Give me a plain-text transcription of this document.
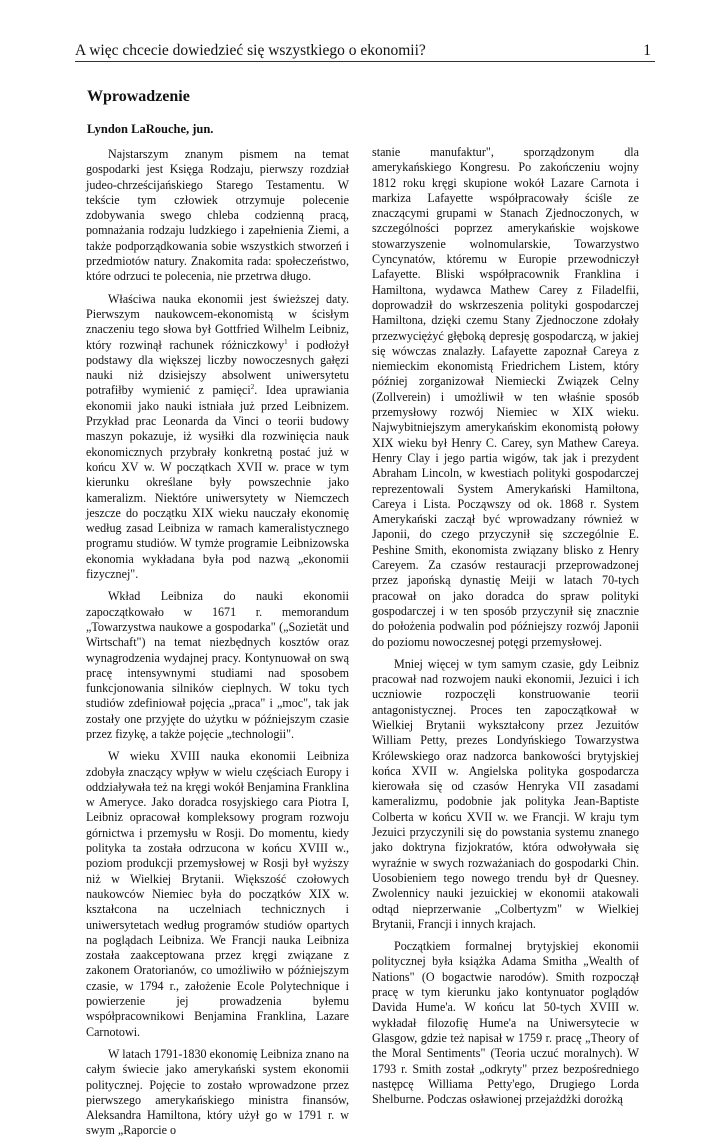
A więc chcecie dowiedzieć się wszystkiego o ekonomii?	1
Wprowadzenie

Lyndon LaRouche, jun.

Najstarszym znanym pismem na temat gospodarki jest Księga Rodzaju, pierwszy rozdział judeo-chrześcijańskiego Starego Testamentu. W tekście tym człowiek otrzymuje polecenie zdobywania swego chleba codzienną pracą, pomnażania rodzaju ludzkiego i zapełnienia Ziemi, a także podporządkowania sobie wszystkich stworzeń i przedmiotów natury. Znakomita rada: społeczeństwo, które odrzuci te polecenia, nie przetrwa długo.

Właściwa nauka ekonomii jest świeższej daty. Pierwszym naukowcem-ekonomistą w ścisłym znaczeniu tego słowa był Gottfried Wilhelm Leibniz, który rozwinął rachunek różniczkowy$^1$ i podłożył podstawy dla większej liczby nowoczesnych gałęzi nauki niż dzisiejszy absolwent uniwersytetu potrafiłby wymienić z pamięci$^2$. Idea uprawiania ekonomii jako nauki istniała już przed Leibnizem. Przykład prac Leonarda da Vinci o teorii budowy maszyn pokazuje, iż wysiłki dla rozwinięcia nauk ekonomicznych przybrały konkretną postać już w końcu XV w. W początkach XVII w. prace w tym kierunku określane były powszechnie jako kameralizm. Niektóre uniwersytety w Niemczech jeszcze do początku XIX wieku nauczały ekonomię według zasad Leibniza w ramach kameralistycznego programu studiów. W tymże programie Leibnizowska ekonomia wykładana była pod nazwą „ekonomii fizycznej".

Wkład Leibniza do nauki ekonomii zapoczątkowało w 1671 r. memorandum „Towarzystwa naukowe a gospodarka" („Sozietät und Wirtschaft") na temat niezbędnych kosztów oraz wynagrodzenia wydajnej pracy. Kontynuował on swą pracę intensywnymi studiami nad sposobem funkcjonowania silników cieplnych. W toku tych studiów zdefiniował pojęcia „praca" i „moc", tak jak zostały one przyjęte do użytku w późniejszym czasie przez fizykę, a także pojęcie „technologii".

W wieku XVIII nauka ekonomii Leibniza zdobyła znaczący wpływ w wielu częściach Europy i oddziaływała też na kręgi wokół Benjamina Franklina w Ameryce. Jako doradca rosyjskiego cara Piotra I, Leibniz opracował kompleksowy program rozwoju górnictwa i przemysłu w Rosji. Do momentu, kiedy polityka ta została odrzucona w końcu XVIII w., poziom produkcji przemysłowej w Rosji był wyższy niż w Wielkiej Brytanii. Większość czołowych naukowców Niemiec była do początków XIX w. kształcona na uczelniach technicznych i uniwersytetach według programów studiów opartych na poglądach Leibniza. We Francji nauka Leibniza została zaakceptowana przez kręgi związane z zakonem Oratorianów, co umożliwiło w późniejszym czasie, w 1794 r., założenie Ecole Polytechnique i powierzenie jej prowadzenia byłemu współpracownikowi Benjamina Franklina, Lazare Carnotowi.

W latach 1791-1830 ekonomię Leibniza znano na całym świecie jako amerykański system ekonomii politycznej. Pojęcie to zostało wprowadzone przez pierwszego amerykańskiego ministra finansów, Aleksandra Hamiltona, który użył go w 1791 r. w swym „Raporcie o

stanie manufaktur", sporządzonym dla amerykańskiego Kongresu. Po zakończeniu wojny 1812 roku kręgi skupione wokół Lazare Carnota i markiza Lafayette współpracowały ściśle ze znaczącymi grupami w Stanach Zjednoczonych, w szczególności poprzez amerykańskie wojskowe stowarzyszenie wolnomularskie, Towarzystwo Cyncynatów, któremu w Europie przewodniczył Lafayette. Bliski współpracownik Franklina i Hamiltona, wydawca Mathew Carey z Filadelfii, doprowadził do wskrzeszenia polityki gospodarczej Hamiltona, dzięki czemu Stany Zjednoczone zdołały przezwyciężyć głęboką depresję gospodarczą, w jakiej się wówczas znalazły. Lafayette zapoznał Careya z niemieckim ekonomistą Friedrichem Listem, który później zorganizował Niemiecki Związek Celny (Zollverein) i umożliwił w ten właśnie sposób przemysłowy rozwój Niemiec w XIX wieku. Najwybitniejszym amerykańskim ekonomistą połowy XIX wieku był Henry C. Carey, syn Mathew Careya. Henry Clay i jego partia wigów, tak jak i prezydent Abraham Lincoln, w kwestiach polityki gospodarczej reprezentowali System Amerykański Hamiltona, Careya i Lista. Począwszy od ok. 1868 r. System Amerykański zaczął być wprowadzany również w Japonii, do czego przyczynił się szczególnie E. Peshine Smith, ekonomista związany blisko z Henry Careyem. Za czasów restauracji przeprowadzonej przez japońską dynastię Meiji w latach 70-tych pracował on jako doradca do spraw polityki gospodarczej i w ten sposób przyczynił się znacznie do położenia podwalin pod późniejszy rozwój Japonii do poziomu nowoczesnej potęgi przemysłowej.

Mniej więcej w tym samym czasie, gdy Leibniz pracował nad rozwojem nauki ekonomii, Jezuici i ich uczniowie rozpoczęli konstruowanie teorii antagonistycznej. Proces ten zapoczątkował w Wielkiej Brytanii wykształcony przez Jezuitów William Petty, prezes Londyńskiego Towarzystwa Królewskiego oraz nadzorca bankowości brytyjskiej końca XVII w. Angielska polityka gospodarcza kierowała się od czasów Henryka VII zasadami kameralizmu, podobnie jak polityka Jean-Baptiste Colberta w końcu XVII w. we Francji. W kraju tym Jezuici przyczynili się do powstania systemu znanego jako doktryna fizjokratów, która odwoływała się wyraźnie w swych rozważaniach do gospodarki Chin. Uosobieniem tego nowego trendu był dr Quesney. Zwolennicy nauki jezuickiej w ekonomii atakowali odtąd nieprzerwanie „Colbertyzm" w Wielkiej Brytanii, Francji i innych krajach.

Początkiem formalnej brytyjskiej ekonomii politycznej była książka Adama Smitha „Wealth of Nations" (O bogactwie narodów). Smith rozpoczął pracę w tym kierunku jako kontynuator poglądów Davida Hume'a. W końcu lat 50-tych XVIII w. wykładał filozofię Hume'a na Uniwersytecie w Glasgow, gdzie też napisał w 1759 r. pracę „Theory of the Moral Sentiments" (Teoria uczuć moralnych). W 1793 r. Smith został „odkryty" przez bezpośredniego następcę Williama Petty'ego, Drugiego Lorda Shelburne. Podczas osławionej przejażdżki dorożką
